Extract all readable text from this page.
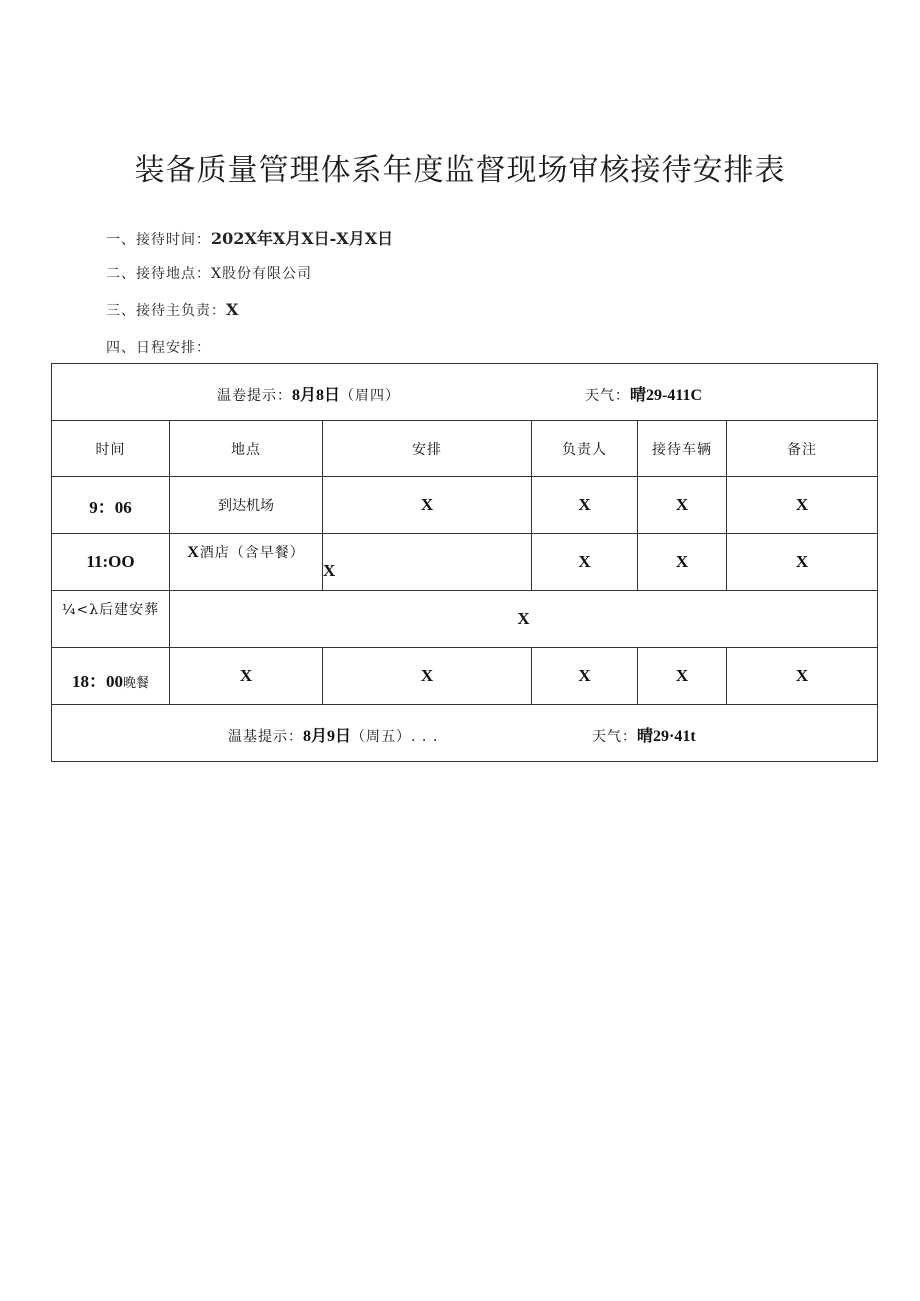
装备质量管理体系年度监督现场审核接待安排表
一、接待时间：202X年X月X日-X月X日
二、接待地点：X股份有限公司
三、接待主负责：X
四、日程安排：
温卷提示：8月8日（眉四） 天气：晴29-411C					

时间	地点	安排	负责人	接待车辆	备注
9：06	到达机场	X	X	X	X
11:OO	X酒店（含早餐）	X	X	X	X
¼<λ后建安葬	X				
18：00晚餐	X	X	X	X	X

温基提示：8月9日（周五）. . . 天气：晴29·41t					
